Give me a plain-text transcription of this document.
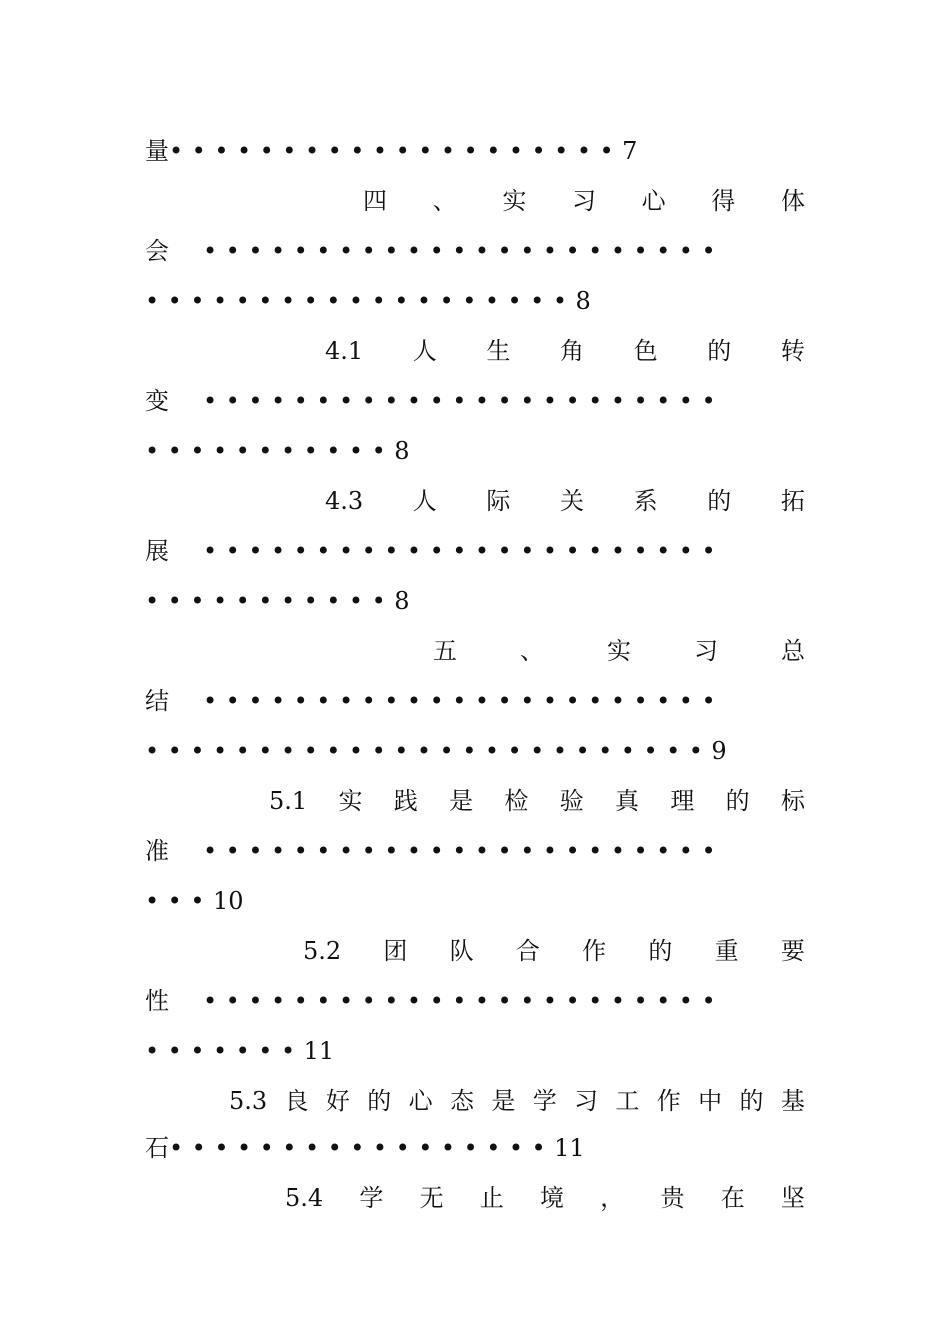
量 •••••••••••••••••••• 7
四 、 实 习 心 得 体
会 •••••••••••••••••••••••
••••••••••••••••••• 8
4.1 人 生 角 色 的 转
变 •••••••••••••••••••••••
••••••••••• 8
4.3 人 际 关 系 的 拓
展 •••••••••••••••••••••••
••••••••••• 8
五	、	实	习	总
结 •••••••••••••••••••••••
••••••••••••••••••••••••• 9
5.1 实 践 是 检 验 真 理 的 标
准 •••••••••••••••••••••••
••• 10
5.2 团 队 合 作 的 重 要
性 •••••••••••••••••••••••
••••••• 11
5.3 良 好 的 心 态 是 学 习 工 作 中 的 基
石 ••••••••••••••••• 11
5.4 学 无 止 境 ， 贵 在 坚
